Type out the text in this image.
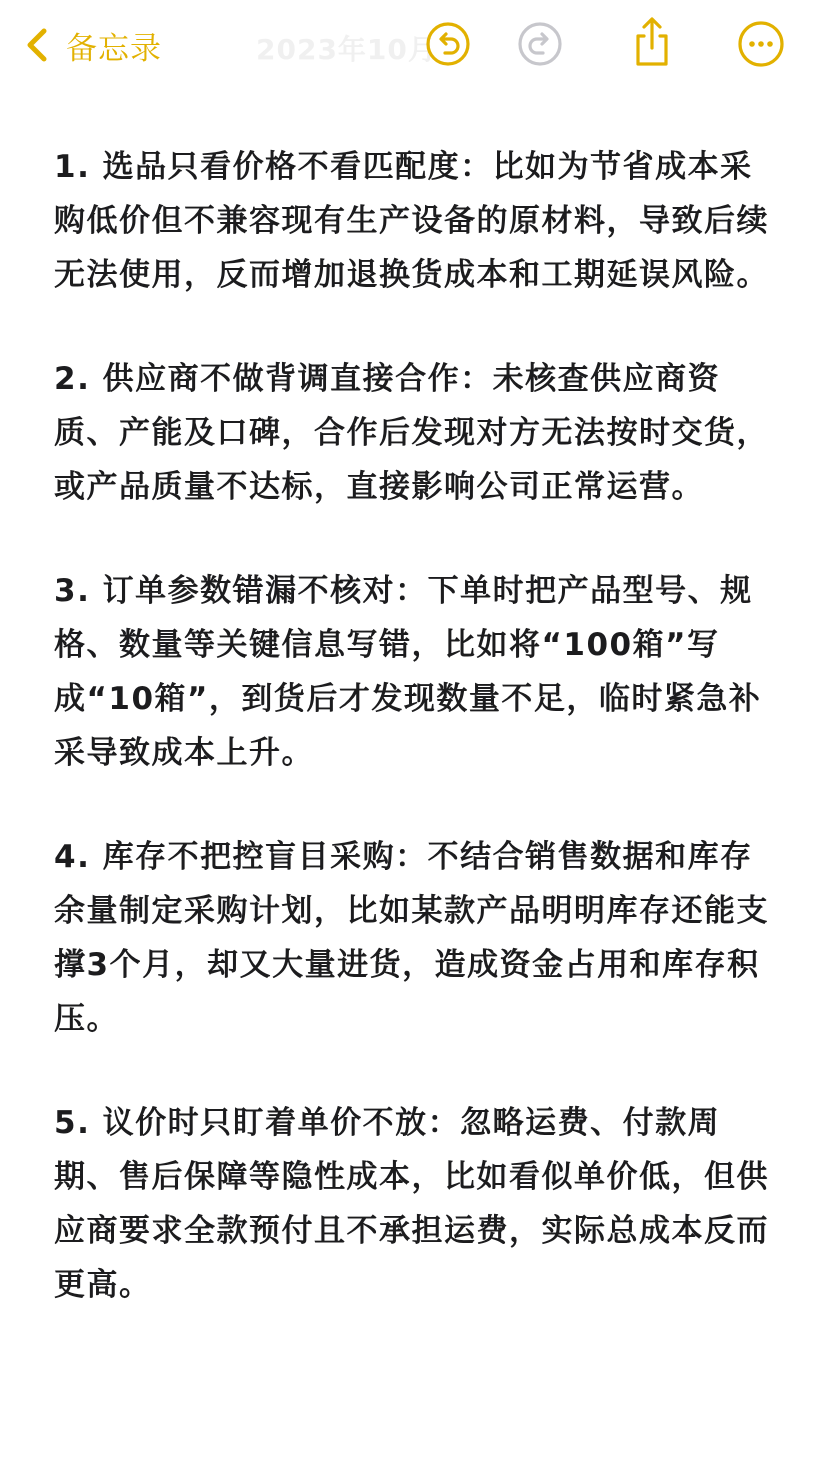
备忘录	2023年10月

1. 选品只看价格不看匹配度：比如为节省成本采购低价但不兼容现有生产设备的原材料，导致后续无法使用，反而增加退换货成本和工期延误风险。

2. 供应商不做背调直接合作：未核查供应商资质、产能及口碑，合作后发现对方无法按时交货，或产品质量不达标，直接影响公司正常运营。

3. 订单参数错漏不核对：下单时把产品型号、规格、数量等关键信息写错，比如将“100箱”写成“10箱”，到货后才发现数量不足，临时紧急补采导致成本上升。

4. 库存不把控盲目采购：不结合销售数据和库存余量制定采购计划，比如某款产品明明库存还能支撑3个月，却又大量进货，造成资金占用和库存积压。

5. 议价时只盯着单价不放：忽略运费、付款周期、售后保障等隐性成本，比如看似单价低，但供应商要求全款预付且不承担运费，实际总成本反而更高。
